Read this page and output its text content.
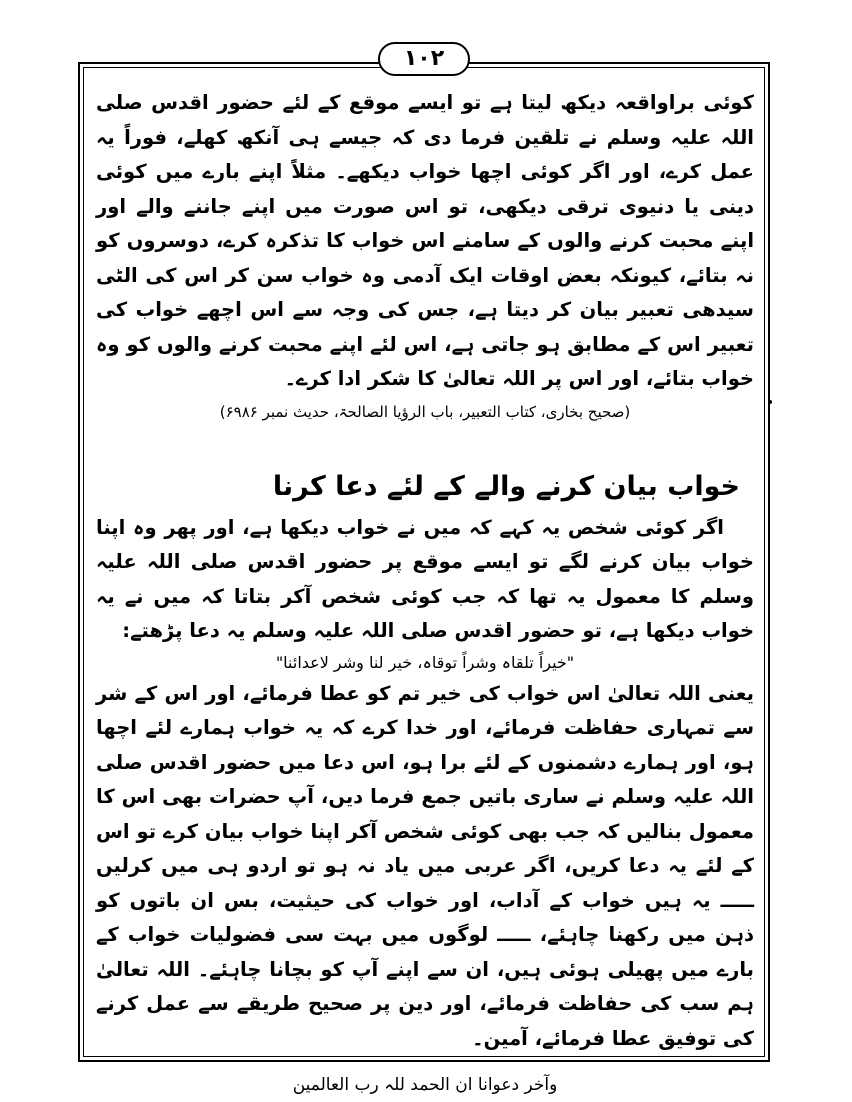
۱۰۲

کوئی براواقعہ دیکھ لیتا ہے تو ایسے موقع کے لئے حضور اقدس صلی اللہ علیہ وسلم نے تلقین فرما دی کہ جیسے ہی آنکھ کھلے، فوراً یہ عمل کرے، اور اگر کوئی اچھا خواب دیکھے۔ مثلاً اپنے بارے میں کوئی دینی یا دنیوی ترقی دیکھی، تو اس صورت میں اپنے جاننے والے اور اپنے محبت کرنے والوں کے سامنے اس خواب کا تذکرہ کرے، دوسروں کو نہ بتائے، کیونکہ بعض اوقات ایک آدمی وہ خواب سن کر اس کی الٹی سیدھی تعبیر بیان کر دیتا ہے، جس کی وجہ سے اس اچھے خواب کی تعبیر اس کے مطابق ہو جاتی ہے، اس لئے اپنے محبت کرنے والوں کو وہ خواب بتائے، اور اس پر اللہ تعالیٰ کا شکر ادا کرے۔

(صحیح بخاری، کتاب التعبیر، باب الرؤیا الصالحۃ، حدیث نمبر ۶۹۸۶)

خواب بیان کرنے والے کے لئے دعا کرنا

اگر کوئی شخص یہ کہے کہ میں نے خواب دیکھا ہے، اور پھر وہ اپنا خواب بیان کرنے لگے تو ایسے موقع پر حضور اقدس صلی اللہ علیہ وسلم کا معمول یہ تھا کہ جب کوئی شخص آکر بتاتا کہ میں نے یہ خواب دیکھا ہے، تو حضور اقدس صلی اللہ علیہ وسلم یہ دعا پڑھتے:

"خیراً تلقاہ وشراً توقاہ، خیر لنا وشر لاعدائنا"

یعنی اللہ تعالیٰ اس خواب کی خیر تم کو عطا فرمائے، اور اس کے شر سے تمہاری حفاظت فرمائے، اور خدا کرے کہ یہ خواب ہمارے لئے اچھا ہو، اور ہمارے دشمنوں کے لئے برا ہو، اس دعا میں حضور اقدس صلی اللہ علیہ وسلم نے ساری باتیں جمع فرما دیں، آپ حضرات بھی اس کا معمول بنالیں کہ جب بھی کوئی شخص آکر اپنا خواب بیان کرے تو اس کے لئے یہ دعا کریں، اگر عربی میں یاد نہ ہو تو اردو ہی میں کرلیں ـــــ یہ ہیں خواب کے آداب، اور خواب کی حیثیت، بس ان باتوں کو ذہن میں رکھنا چاہئے، ـــــ لوگوں میں بہت سی فضولیات خواب کے بارے میں پھیلی ہوئی ہیں، ان سے اپنے آپ کو بچانا چاہئے۔ اللہ تعالیٰ ہم سب کی حفاظت فرمائے، اور دین پر صحیح طریقے سے عمل کرنے کی توفیق عطا فرمائے، آمین۔

وآخر دعوانا ان الحمد للہ رب العالمین
